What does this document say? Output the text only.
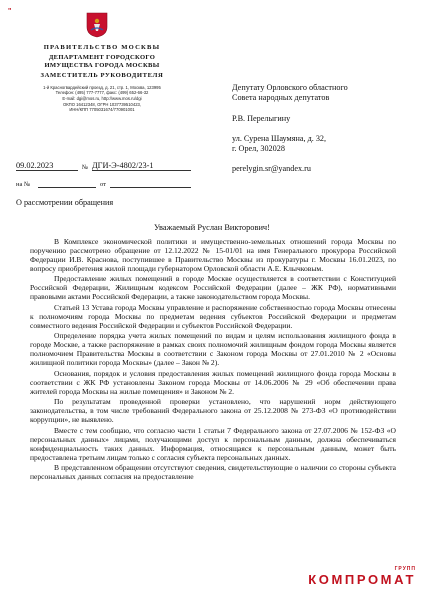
"
ПРАВИТЕЛЬСТВО МОСКВЫ
ДЕПАРТАМЕНТ ГОРОДСКОГО
ИМУЩЕСТВА ГОРОДА МОСКВЫ
ЗАМЕСТИТЕЛЬ РУКОВОДИТЕЛЯ
1-й Красногвардейский проезд, д. 21, стр. 1, Москва, 123995
Телефон: (495) 777-7777, факс: (499) 652-66-32
E-mail: dgi@mos.ru, http://www.mos.ru/dgi
ОКПО 16412348, ОГРН 1037739510423,
ИНН/КПП 7705031674/770901001
09.02.2023	№ ДГИ-Э-4802/23-1
на №	от
О рассмотрении обращения
Депутату Орловского областного
Совета народных депутатов
Р.В. Перелыгину
ул. Сурена Шаумяна, д. 32,
г. Орел, 302028
perelygin.sr@yandex.ru
Уважаемый Руслан Викторович!

В Комплексе экономической политики и имущественно-земельных отношений города Москвы по поручению рассмотрено обращение от 12.12.2022 № 15-01/01 на имя Генерального прокурора Российской Федерации И.В. Краснова, поступившее в Правительство Москвы из прокуратуры г. Москвы 16.01.2023, по вопросу приобретения жилой площади губернатором Орловской области А.Е. Клычковым.

Предоставление жилых помещений в городе Москве осуществляется в соответствии с Конституцией Российской Федерации, Жилищным кодексом Российской Федерации (далее – ЖК РФ), нормативными правовыми актами Российской Федерации, а также законодательством города Москвы.

Статьей 13 Устава города Москвы управление и распоряжение собственностью города Москвы отнесены к полномочиям города Москвы по предметам ведения субъектов Российской Федерации и предметам совместного ведения Российской Федерации и субъектов Российской Федерации.

Определение порядка учета жилых помещений по видам и целям использования жилищного фонда в городе Москве, а также распоряжение в рамках своих полномочий жилищным фондом города Москвы является полномочием Правительства Москвы в соответствии с Законом города Москвы от 27.01.2010 № 2 «Основы жилищной политики города Москвы» (далее – Закон № 2).

Основания, порядок и условия предоставления жилых помещений жилищного фонда города Москвы в соответствии с ЖК РФ установлены Законом города Москвы от 14.06.2006 № 29 «Об обеспечении права жителей города Москвы на жилые помещения» и Законом № 2.

По результатам проведенной проверки установлено, что нарушений норм действующего законодательства, в том числе требований Федерального закона от 25.12.2008 № 273-ФЗ «О противодействии коррупции», не выявлено.

Вместе с тем сообщаю, что согласно части 1 статьи 7 Федерального закона от 27.07.2006 № 152-ФЗ «О персональных данных» лицами, получающими доступ к персональным данным, должна обеспечиваться конфиденциальность таких данных. Информация, относящаяся к персональным данным, может быть предоставлена третьим лицам только с согласия субъекта персональных данных.

В представленном обращении отсутствуют сведения, свидетельствующие о наличии со стороны субъекта персональных данных согласия на предоставление

ГРУПП
КОМПРОМАТ
